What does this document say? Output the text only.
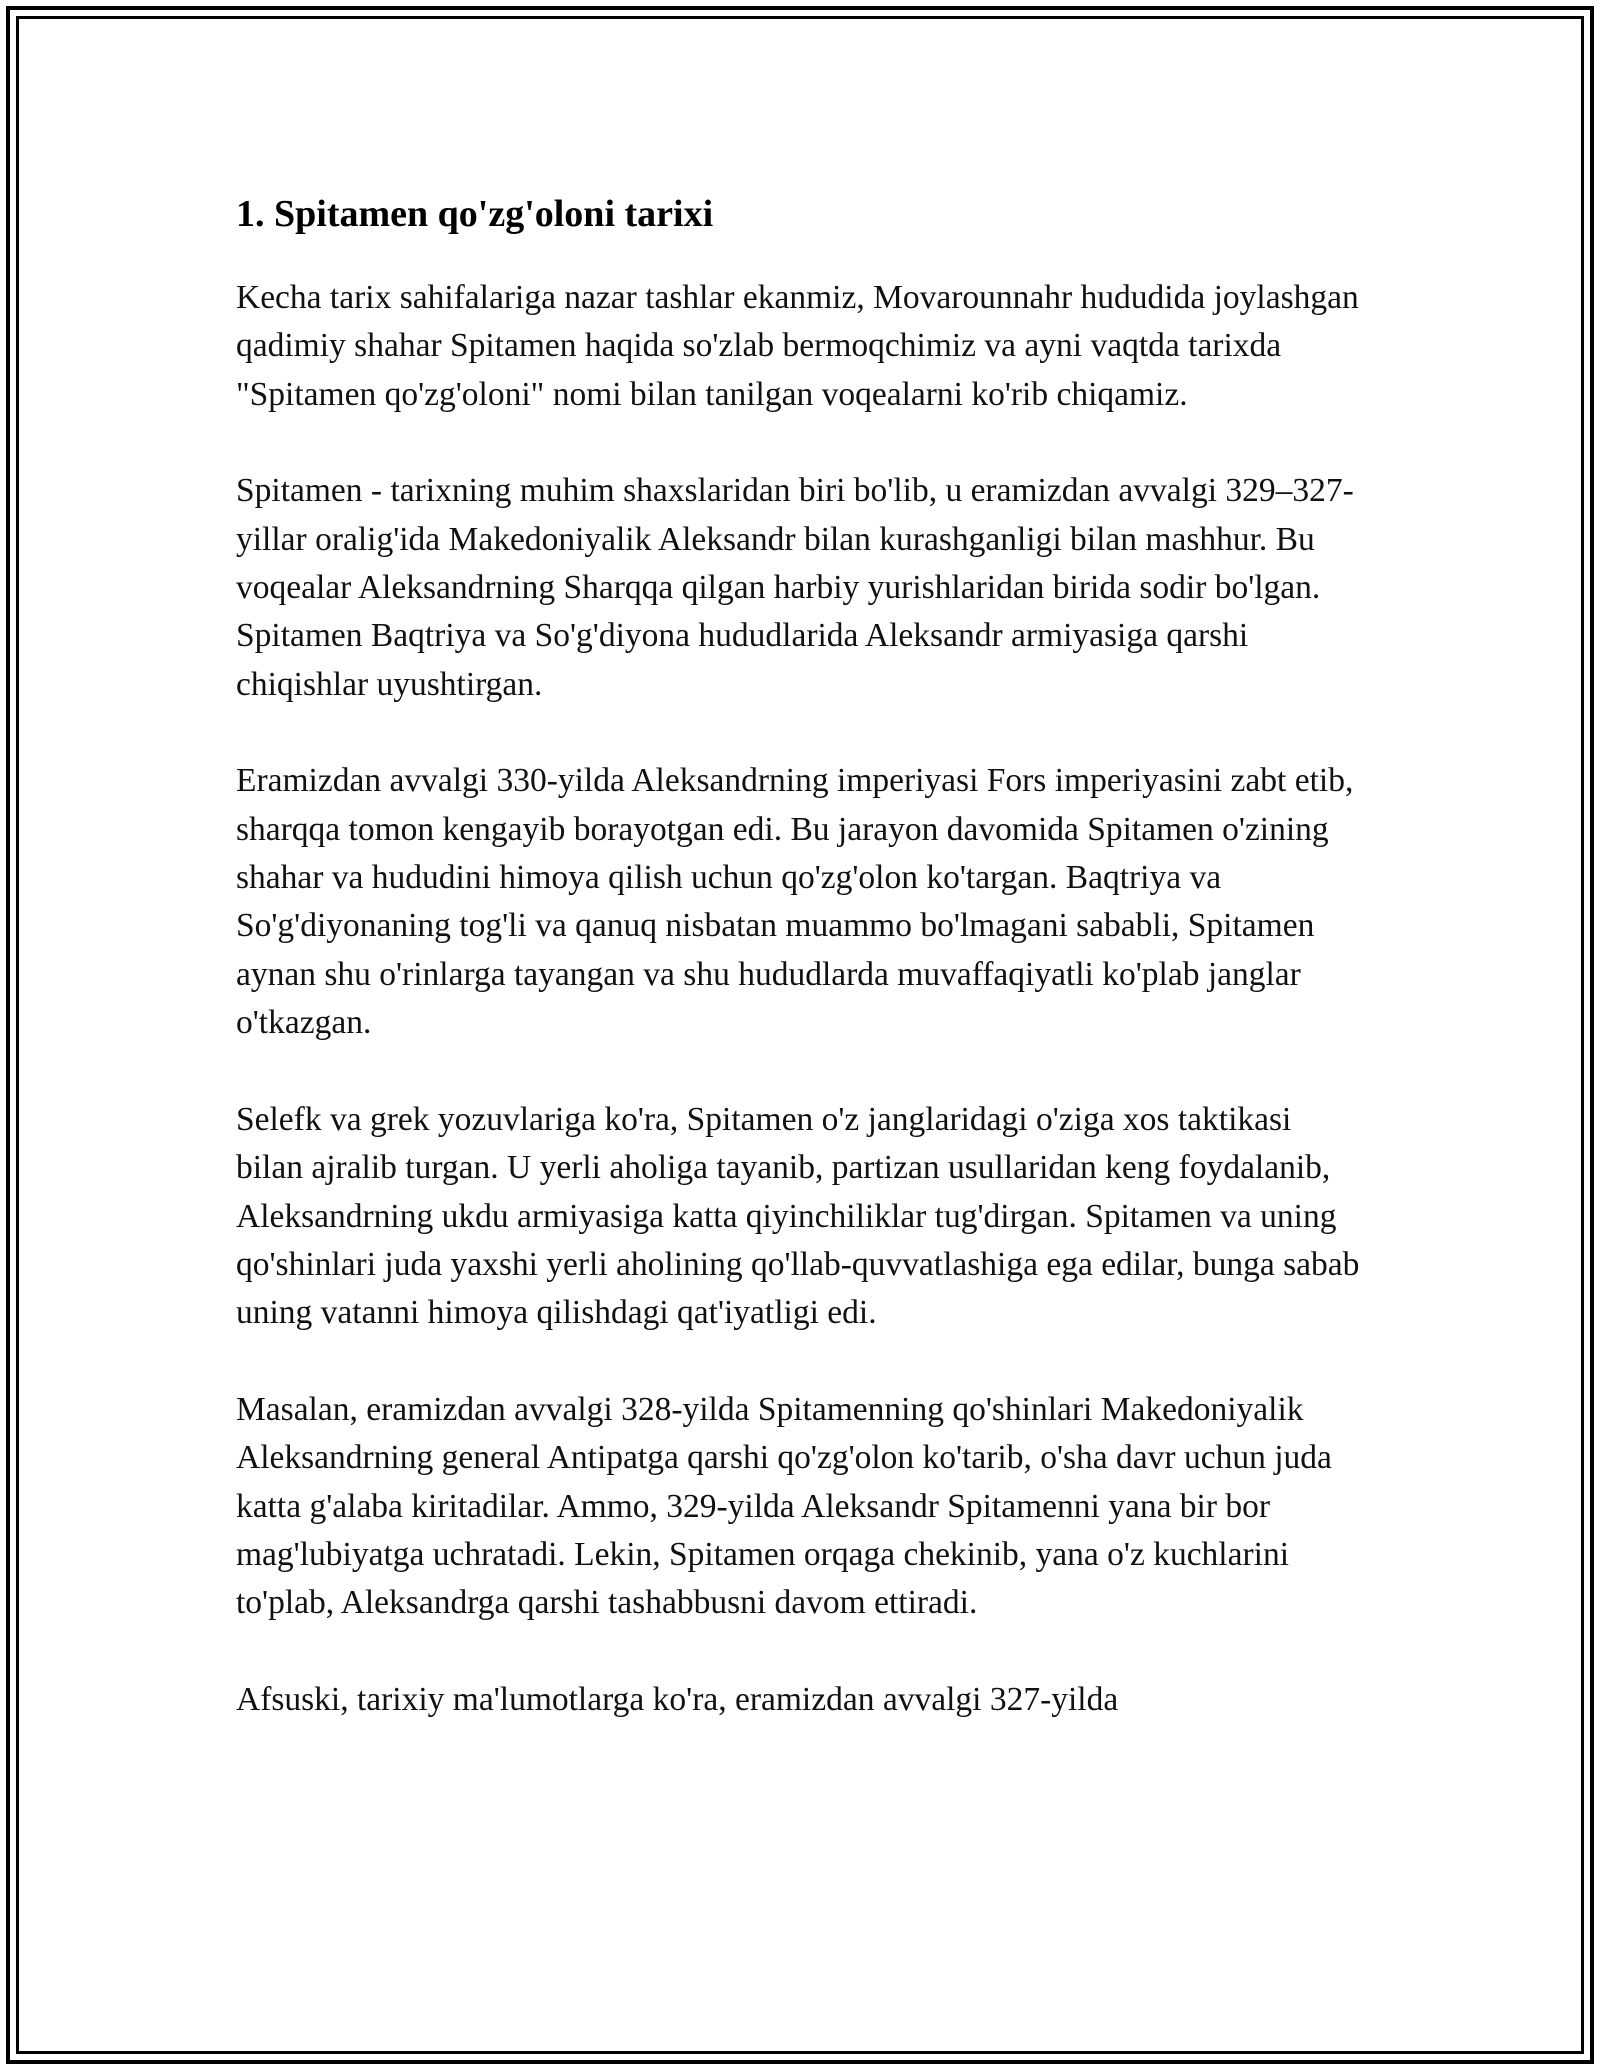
1. Spitamen qo'zg'oloni tarixi

Kecha tarix sahifalariga nazar tashlar ekanmiz, Movarounnahr hududida joylashgan qadimiy shahar Spitamen haqida so'zlab bermoqchimiz va ayni vaqtda tarixda "Spitamen qo'zg'oloni" nomi bilan tanilgan voqealarni ko'rib chiqamiz.

Spitamen - tarixning muhim shaxslaridan biri bo'lib, u eramizdan avvalgi 329–327-yillar oralig'ida Makedoniyalik Aleksandr bilan kurashganligi bilan mashhur. Bu voqealar Aleksandrning Sharqqa qilgan harbiy yurishlaridan birida sodir bo'lgan. Spitamen Baqtriya va So'g'diyona hududlarida Aleksandr armiyasiga qarshi chiqishlar uyushtirgan.

Eramizdan avvalgi 330-yilda Aleksandrning imperiyasi Fors imperiyasini zabt etib, sharqqa tomon kengayib borayotgan edi. Bu jarayon davomida Spitamen o'zining shahar va hududini himoya qilish uchun qo'zg'olon ko'targan. Baqtriya va So'g'diyonaning tog'li va qanuq nisbatan muammo bo'lmagani sababli, Spitamen aynan shu o'rinlarga tayangan va shu hududlarda muvaffaqiyatli ko'plab janglar o'tkazgan.

Selefk va grek yozuvlariga ko'ra, Spitamen o'z janglaridagi o'ziga xos taktikasi bilan ajralib turgan. U yerli aholiga tayanib, partizan usullaridan keng foydalanib, Aleksandrning ukdu armiyasiga katta qiyinchiliklar tug'dirgan. Spitamen va uning qo'shinlari juda yaxshi yerli aholining qo'llab-quvvatlashiga ega edilar, bunga sabab uning vatanni himoya qilishdagi qat'iyatligi edi.

Masalan, eramizdan avvalgi 328-yilda Spitamenning qo'shinlari Makedoniyalik Aleksandrning general Antipatga qarshi qo'zg'olon ko'tarib, o'sha davr uchun juda katta g'alaba kiritadilar. Ammo, 329-yilda Aleksandr Spitamenni yana bir bor mag'lubiyatga uchratadi. Lekin, Spitamen orqaga chekinib, yana o'z kuchlarini to'plab, Aleksandrga qarshi tashabbusni davom ettiradi.

Afsuski, tarixiy ma'lumotlarga ko'ra, eramizdan avvalgi 327-yilda
